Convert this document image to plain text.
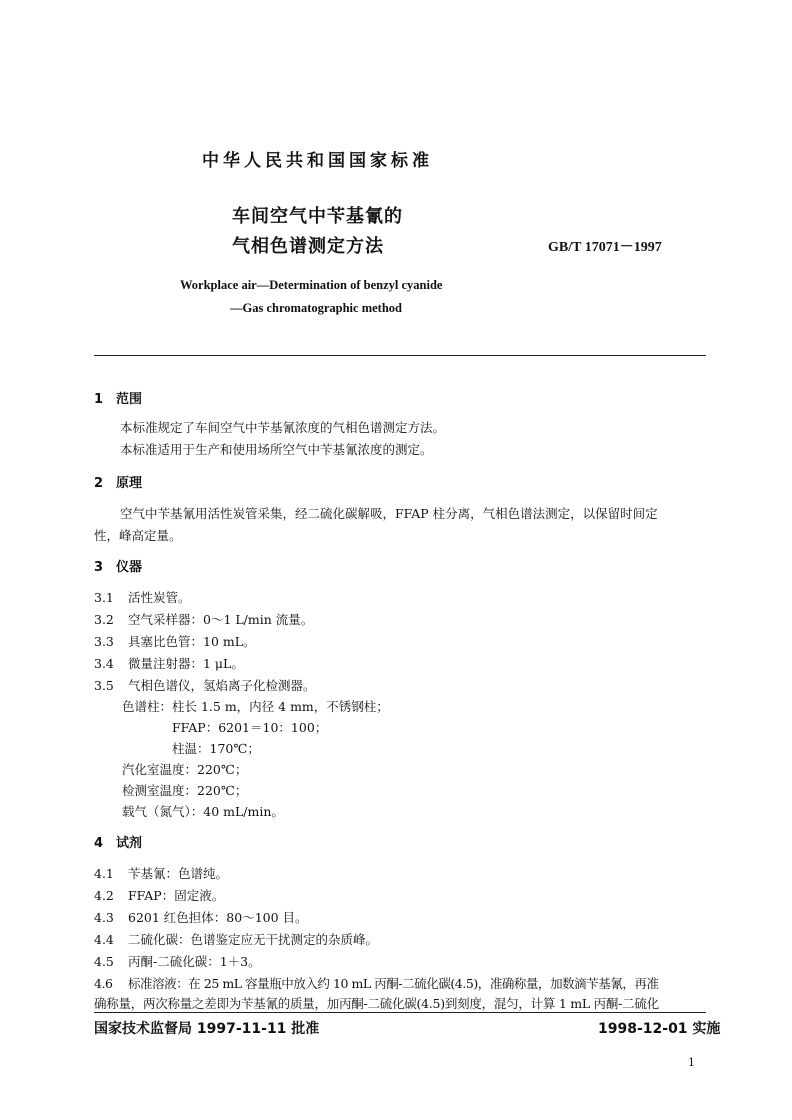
中华人民共和国国家标准
车间空气中苄基氰的
气相色谱测定方法	GB/T 17071－1997
Workplace air—Determination of benzyl cyanide
—Gas chromatographic method
1 范围
本标准规定了车间空气中苄基氰浓度的气相色谱测定方法。
本标准适用于生产和使用场所空气中苄基氰浓度的测定。
2 原理
空气中苄基氰用活性炭管采集，经二硫化碳解吸，FFAP 柱分离，气相色谱法测定，以保留时间定
性，峰高定量。
3 仪器
3.1 活性炭管。
3.2 空气采样器：0～1 L/min 流量。
3.3 具塞比色管：10 mL。
3.4 微量注射器：1 μL。
3.5 气相色谱仪，氢焰离子化检测器。
色谱柱：柱长 1.5 m，内径 4 mm，不锈钢柱；
FFAP：6201＝10：100；
柱温：170℃；
汽化室温度：220℃；
检测室温度：220℃；
载气（氮气）：40 mL/min。
4 试剂
4.1 苄基氰：色谱纯。
4.2 FFAP：固定液。
4.3 6201 红色担体：80～100 目。
4.4 二硫化碳：色谱鉴定应无干扰测定的杂质峰。
4.5 丙酮-二硫化碳：1＋3。
4.6 标准溶液：在 25 mL 容量瓶中放入约 10 mL 丙酮-二硫化碳(4.5)，准确称量，加数滴苄基氰，再准
确称量，两次称量之差即为苄基氰的质量，加丙酮-二硫化碳(4.5)到刻度，混匀，计算 1 mL 丙酮-二硫化
国家技术监督局 1997-11-11 批准	1998-12-01 实施
1
